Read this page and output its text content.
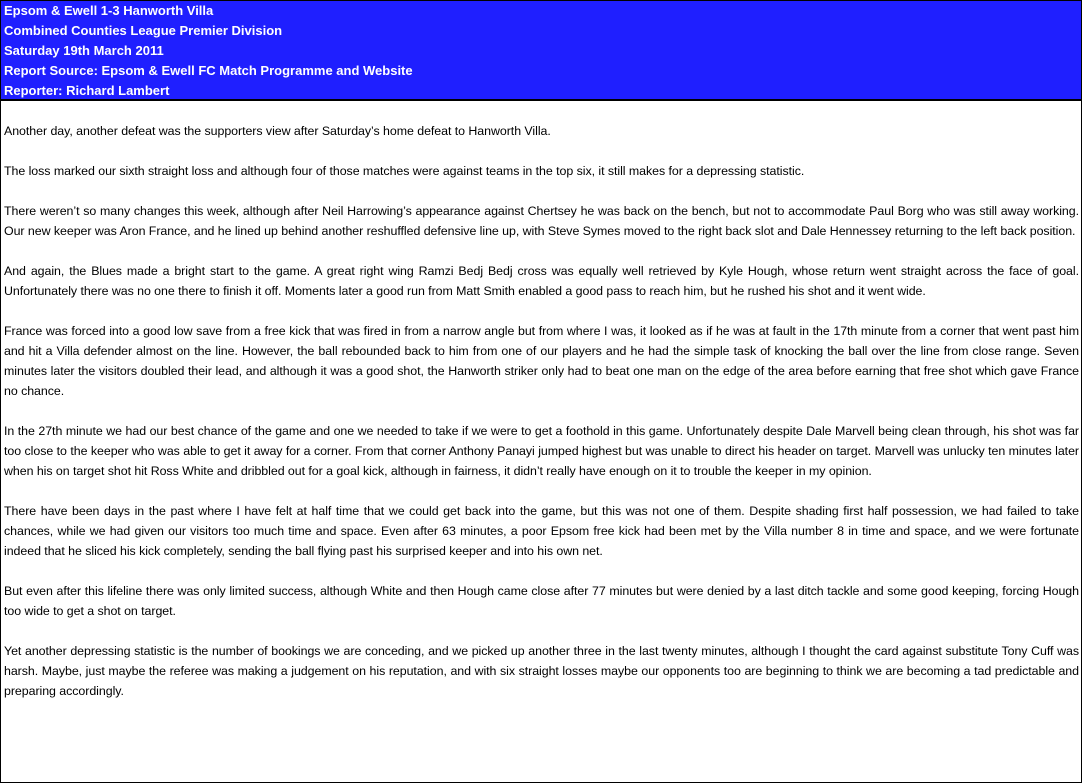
Epsom & Ewell 1-3 Hanworth Villa
Combined Counties League Premier Division
Saturday 19th March 2011
Report Source: Epsom & Ewell FC Match Programme and Website
Reporter: Richard Lambert

Another day, another defeat was the supporters view after Saturday’s home defeat to Hanworth Villa.

The loss marked our sixth straight loss and although four of those matches were against teams in the top six, it still makes for a depressing statistic.

There weren’t so many changes this week, although after Neil Harrowing’s appearance against Chertsey he was back on the bench, but not to accommodate Paul Borg who was still away working. Our new keeper was Aron France, and he lined up behind another reshuffled defensive line up, with Steve Symes moved to the right back slot and Dale Hennessey returning to the left back position.

And again, the Blues made a bright start to the game. A great right wing Ramzi Bedj Bedj cross was equally well retrieved by Kyle Hough, whose return went straight across the face of goal. Unfortunately there was no one there to finish it off. Moments later a good run from Matt Smith enabled a good pass to reach him, but he rushed his shot and it went wide.

France was forced into a good low save from a free kick that was fired in from a narrow angle but from where I was, it looked as if he was at fault in the 17th minute from a corner that went past him and hit a Villa defender almost on the line. However, the ball rebounded back to him from one of our players and he had the simple task of knocking the ball over the line from close range. Seven minutes later the visitors doubled their lead, and although it was a good shot, the Hanworth striker only had to beat one man on the edge of the area before earning that free shot which gave France no chance.

In the 27th minute we had our best chance of the game and one we needed to take if we were to get a foothold in this game. Unfortunately despite Dale Marvell being clean through, his shot was far too close to the keeper who was able to get it away for a corner. From that corner Anthony Panayi jumped highest but was unable to direct his header on target. Marvell was unlucky ten minutes later when his on target shot hit Ross White and dribbled out for a goal kick, although in fairness, it didn’t really have enough on it to trouble the keeper in my opinion.

There have been days in the past where I have felt at half time that we could get back into the game, but this was not one of them. Despite shading first half possession, we had failed to take chances, while we had given our visitors too much time and space. Even after 63 minutes, a poor Epsom free kick had been met by the Villa number 8 in time and space, and we were fortunate indeed that he sliced his kick completely, sending the ball flying past his surprised keeper and into his own net.

But even after this lifeline there was only limited success, although White and then Hough came close after 77 minutes but were denied by a last ditch tackle and some good keeping, forcing Hough too wide to get a shot on target.

Yet another depressing statistic is the number of bookings we are conceding, and we picked up another three in the last twenty minutes, although I thought the card against substitute Tony Cuff was harsh. Maybe, just maybe the referee was making a judgement on his reputation, and with six straight losses maybe our opponents too are beginning to think we are becoming a tad predictable and preparing accordingly.
